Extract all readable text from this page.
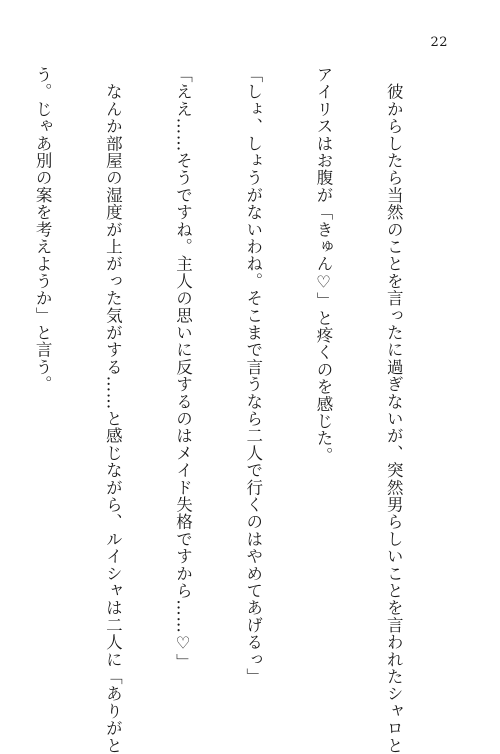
22

　彼からしたら当然のことを言ったに過ぎないが、突然男らしいことを言われたシャロと

アイリスはお腹が「きゅん♡」と疼くのを感じた。

「しょ、しょうがないわね。そこまで言うなら二人で行くのはやめてあげるっ」

「ええ……そうですね。主人の思いに反するのはメイド失格ですから……♡」

　なんか部屋の湿度が上がった気がする……と感じながら、ルイシャは二人に「ありがと

う。じゃあ別の案を考えようか」と言う。
